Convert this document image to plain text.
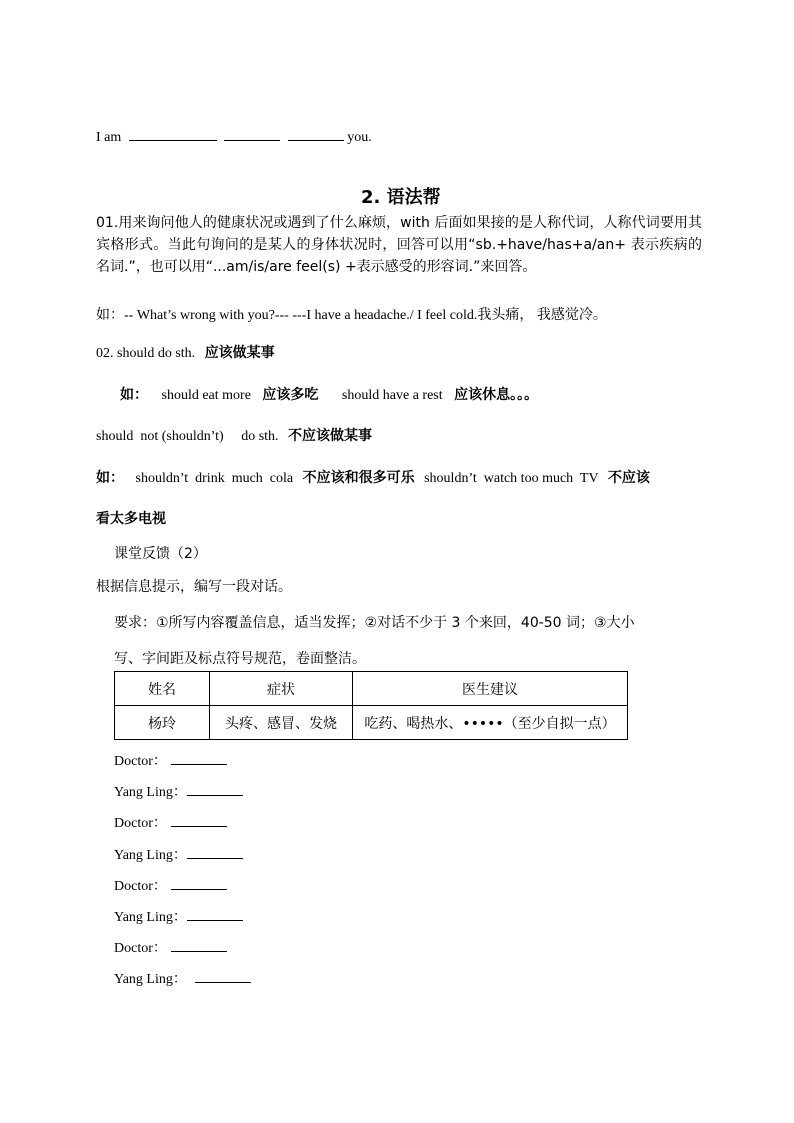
I am	you.
2. 语法帮
01.用来询问他人的健康状况或遇到了什么麻烦，with 后面如果接的是人称代词，人称代词要用其宾格形式。当此句询问的是某人的身体状况时，回答可以用“sb.+have/has+a/an+ 表示疾病的名词.”，也可以用“...am/is/are feel(s) +表示感受的形容词.”来回答。
如：-- What’s wrong with you?--- ---I have a headache./ I feel cold.我头痛， 我感觉冷。
02. should do sth. 应该做某事
如： should eat more 应该多吃 should have a rest 应该休息。。。
should  not (shouldn’t)     do sth. 不应该做某事
如： shouldn’t  drink  much  cola 不应该和很多可乐 shouldn’t  watch too much  TV 不应该
看太多电视
课堂反馈（2）
根据信息提示，编写一段对话。
要求：①所写内容覆盖信息，适当发挥；②对话不少于 3 个来回，40-50 词；③大小
写、字间距及标点符号规范，卷面整洁。
姓名	症状	医生建议
杨玲	头疼、感冒、发烧	吃药、喝热水、•••••（至少自拟一点）
Doctor：
Yang Ling：
Doctor：
Yang Ling：
Doctor：
Yang Ling：
Doctor：
Yang Ling：
